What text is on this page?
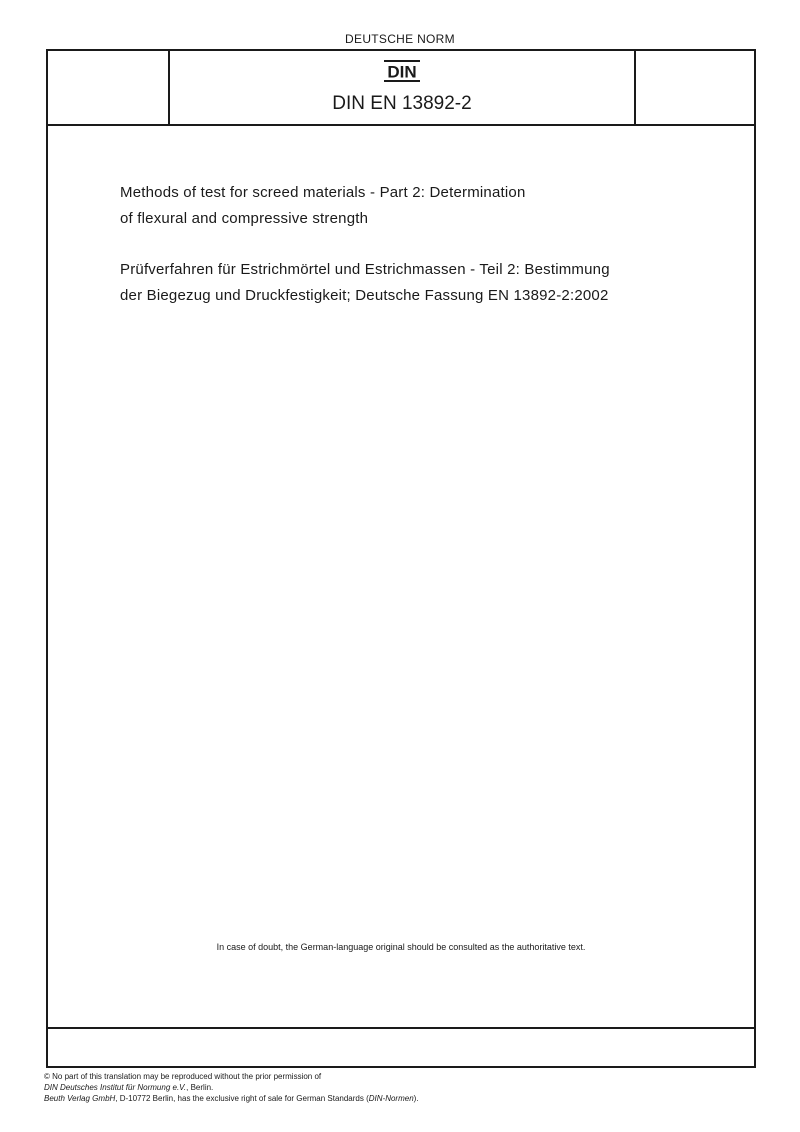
DEUTSCHE NORM
DIN
DIN EN 13892-2
Methods of test for screed materials - Part 2: Determination
of flexural and compressive strength
Prüfverfahren für Estrichmörtel und Estrichmassen - Teil 2: Bestimmung
der Biegezug und Druckfestigkeit; Deutsche Fassung EN 13892-2:2002
In case of doubt, the German-language original should be consulted as the authoritative text.
© No part of this translation may be reproduced without the prior permission of
DIN Deutsches Institut für Normung e.V., Berlin.
Beuth Verlag GmbH, D-10772 Berlin, has the exclusive right of sale for German Standards (DIN-Normen).
